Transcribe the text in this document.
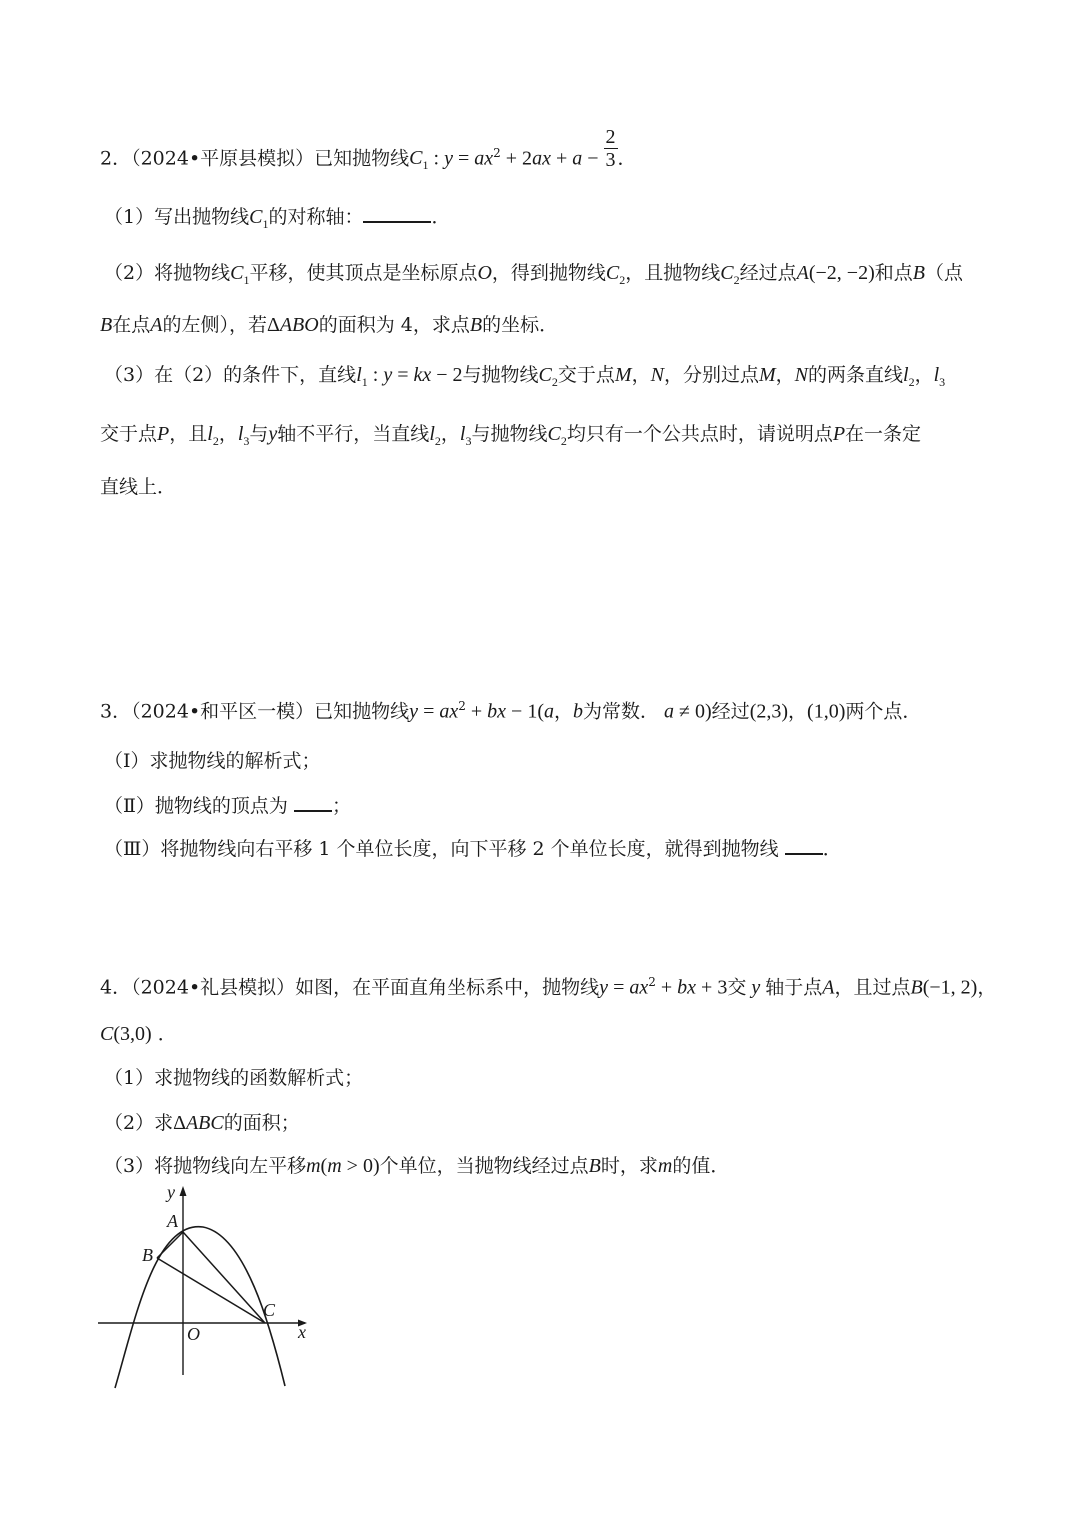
2．（2024•平原县模拟）已知抛物线$C_1$ : $y = ax^2 + 2ax + a - \frac{2}{3}$ ．
（1）写出抛物线$C_1$的对称轴：	．
（2）将抛物线$C_1$平移，使其顶点是坐标原点O，得到抛物线$C_2$，且抛物线$C_2$经过点A(−2, −2)和点B（点
B在点A的左侧），若ΔABO的面积为 4，求点B的坐标．
（3）在（2）的条件下，直线$l_1$ : y = kx − 2与抛物线$C_2$交于点M，N，分别过点M，N的两条直线$l_2$，$l_3$
交于点P，且$l_2$，$l_3$与y轴不平行，当直线$l_2$，$l_3$与抛物线$C_2$均只有一个公共点时，请说明点P在一条定
直线上．
3．（2024•和平区一模）已知抛物线$y = ax^2$ + bx − 1(a，b为常数． a ≠ 0)经过(2,3)，(1,0)两个点．
（Ⅰ）求抛物线的解析式；
（Ⅱ）抛物线的顶点为 ；
（Ⅲ）将抛物线向右平移 1 个单位长度，向下平移 2 个单位长度，就得到抛物线 ．
4．（2024•礼县模拟）如图，在平面直角坐标系中，抛物线$y = ax^2$ + bx + 3交 y 轴于点A，且过点B(−1, 2)，
C(3,0) ．
（1）求抛物线的函数解析式；
（2）求ΔABC的面积；
（3）将抛物线向左平移m(m > 0)个单位，当抛物线经过点B时，求m的值．
y
x
O
A
B
C
